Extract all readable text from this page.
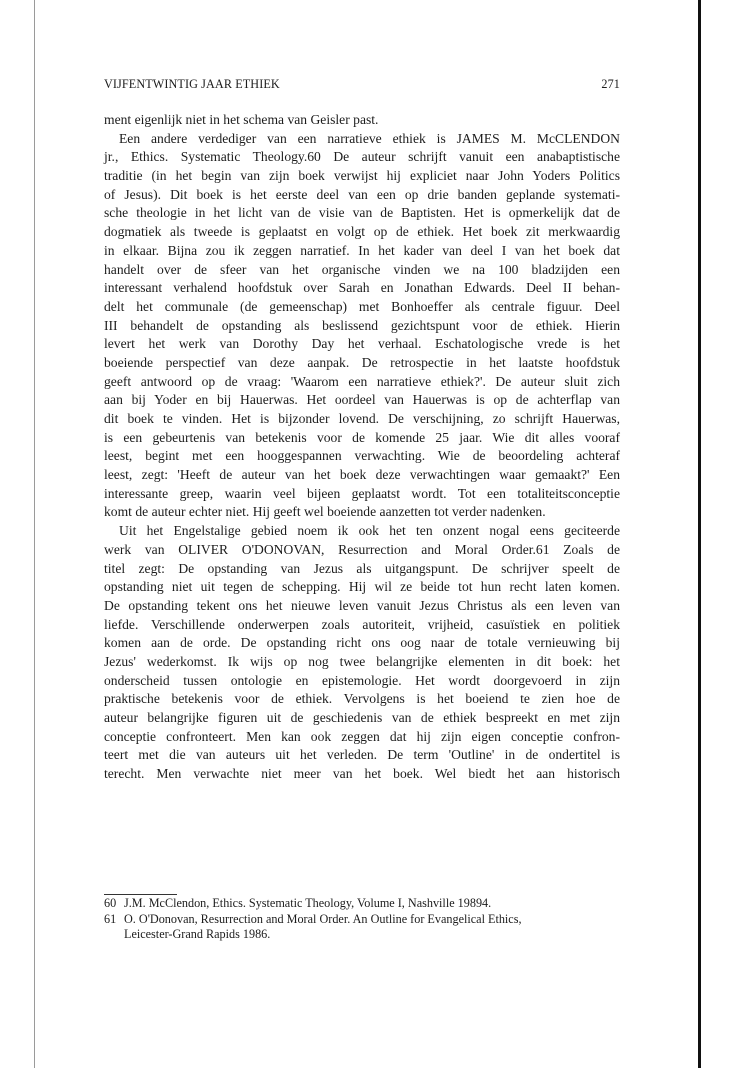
VIJFENTWINTIG JAAR ETHIEK	271
ment eigenlijk niet in het schema van Geisler past.
Een andere verdediger van een narratieve ethiek is JAMES M. McCLENDON
jr., Ethics. Systematic Theology.60 De auteur schrijft vanuit een anabaptistische
traditie (in het begin van zijn boek verwijst hij expliciet naar John Yoders Politics
of Jesus). Dit boek is het eerste deel van een op drie banden geplande systemati-
sche theologie in het licht van de visie van de Baptisten. Het is opmerkelijk dat de
dogmatiek als tweede is geplaatst en volgt op de ethiek. Het boek zit merkwaardig
in elkaar. Bijna zou ik zeggen narratief. In het kader van deel I van het boek dat
handelt over de sfeer van het organische vinden we na 100 bladzijden een
interessant verhalend hoofdstuk over Sarah en Jonathan Edwards. Deel II behan-
delt het communale (de gemeenschap) met Bonhoeffer als centrale figuur. Deel
III behandelt de opstanding als beslissend gezichtspunt voor de ethiek. Hierin
levert het werk van Dorothy Day het verhaal. Eschatologische vrede is het
boeiende perspectief van deze aanpak. De retrospectie in het laatste hoofdstuk
geeft antwoord op de vraag: 'Waarom een narratieve ethiek?'. De auteur sluit zich
aan bij Yoder en bij Hauerwas. Het oordeel van Hauerwas is op de achterflap van
dit boek te vinden. Het is bijzonder lovend. De verschijning, zo schrijft Hauerwas,
is een gebeurtenis van betekenis voor de komende 25 jaar. Wie dit alles vooraf
leest, begint met een hooggespannen verwachting. Wie de beoordeling achteraf
leest, zegt: 'Heeft de auteur van het boek deze verwachtingen waar gemaakt?' Een
interessante greep, waarin veel bijeen geplaatst wordt. Tot een totaliteitsconceptie
komt de auteur echter niet. Hij geeft wel boeiende aanzetten tot verder nadenken.
Uit het Engelstalige gebied noem ik ook het ten onzent nogal eens geciteerde
werk van OLIVER O'DONOVAN, Resurrection and Moral Order.61 Zoals de
titel zegt: De opstanding van Jezus als uitgangspunt. De schrijver speelt de
opstanding niet uit tegen de schepping. Hij wil ze beide tot hun recht laten komen.
De opstanding tekent ons het nieuwe leven vanuit Jezus Christus als een leven van
liefde. Verschillende onderwerpen zoals autoriteit, vrijheid, casuïstiek en politiek
komen aan de orde. De opstanding richt ons oog naar de totale vernieuwing bij
Jezus' wederkomst. Ik wijs op nog twee belangrijke elementen in dit boek: het
onderscheid tussen ontologie en epistemologie. Het wordt doorgevoerd in zijn
praktische betekenis voor de ethiek. Vervolgens is het boeiend te zien hoe de
auteur belangrijke figuren uit de geschiedenis van de ethiek bespreekt en met zijn
conceptie confronteert. Men kan ook zeggen dat hij zijn eigen conceptie confron-
teert met die van auteurs uit het verleden. De term 'Outline' in de ondertitel is
terecht. Men verwachte niet meer van het boek. Wel biedt het aan historisch
60 J.M. McClendon, Ethics. Systematic Theology, Volume I, Nashville 19894.
61 O. O'Donovan, Resurrection and Moral Order. An Outline for Evangelical Ethics,
Leicester-Grand Rapids 1986.
